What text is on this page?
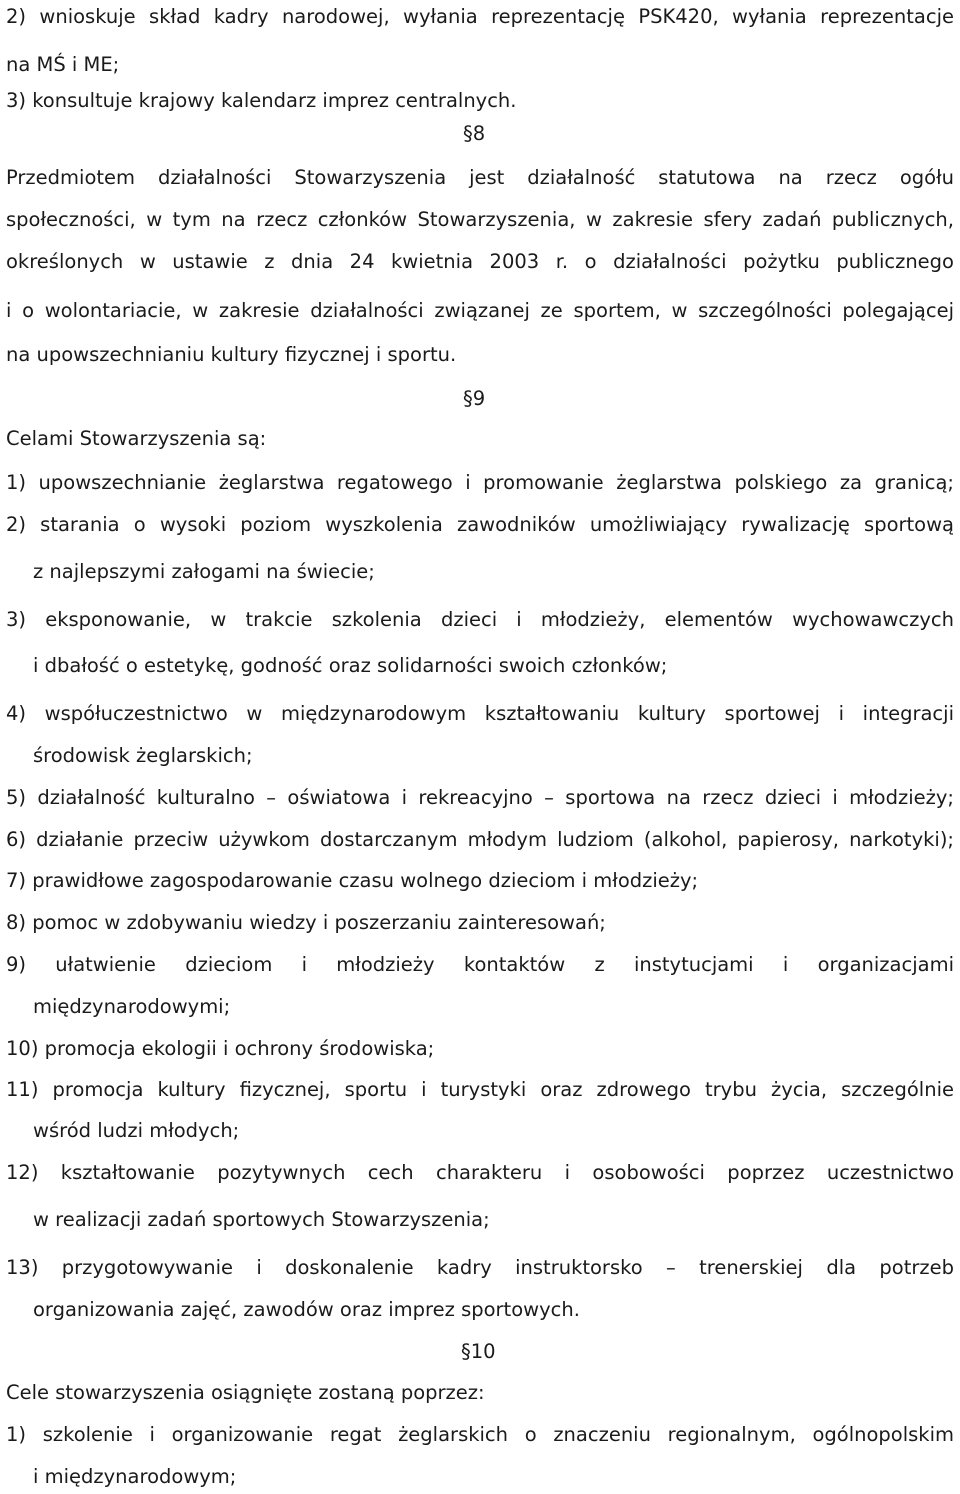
2) wnioskuje skład kadry narodowej, wyłania reprezentację PSK420, wyłania reprezentacje
na MŚ i ME;
3) konsultuje krajowy kalendarz imprez centralnych.
§8
Przedmiotem działalności Stowarzyszenia jest działalność statutowa na rzecz ogółu
społeczności, w tym na rzecz członków Stowarzyszenia, w zakresie sfery zadań publicznych,
określonych w ustawie z dnia 24 kwietnia 2003 r. o działalności pożytku publicznego
i o wolontariacie, w zakresie działalności związanej ze sportem, w szczególności polegającej
na upowszechnianiu kultury fizycznej i sportu.
§9
Celami Stowarzyszenia są:
1) upowszechnianie żeglarstwa regatowego i promowanie żeglarstwa polskiego za granicą;
2) starania o wysoki poziom wyszkolenia zawodników umożliwiający rywalizację sportową
z najlepszymi załogami na świecie;
3) eksponowanie, w trakcie szkolenia dzieci i młodzieży, elementów wychowawczych
i dbałość o estetykę, godność oraz solidarności swoich członków;
4) współuczestnictwo w międzynarodowym kształtowaniu kultury sportowej i integracji
środowisk żeglarskich;
5) działalność kulturalno – oświatowa i rekreacyjno – sportowa na rzecz dzieci i młodzieży;
6) działanie przeciw używkom dostarczanym młodym ludziom (alkohol, papierosy, narkotyki);
7) prawidłowe zagospodarowanie czasu wolnego dzieciom i młodzieży;
8) pomoc w zdobywaniu wiedzy i poszerzaniu zainteresowań;
9) ułatwienie dzieciom i młodzieży kontaktów z instytucjami i organizacjami
międzynarodowymi;
10) promocja ekologii i ochrony środowiska;
11) promocja kultury fizycznej, sportu i turystyki oraz zdrowego trybu życia, szczególnie
wśród ludzi młodych;
12) kształtowanie pozytywnych cech charakteru i osobowości poprzez uczestnictwo
w realizacji zadań sportowych Stowarzyszenia;
13) przygotowywanie i doskonalenie kadry instruktorsko – trenerskiej dla potrzeb
organizowania zajęć, zawodów oraz imprez sportowych.
§10
Cele stowarzyszenia osiągnięte zostaną poprzez:
1) szkolenie i organizowanie regat żeglarskich o znaczeniu regionalnym, ogólnopolskim
i międzynarodowym;
